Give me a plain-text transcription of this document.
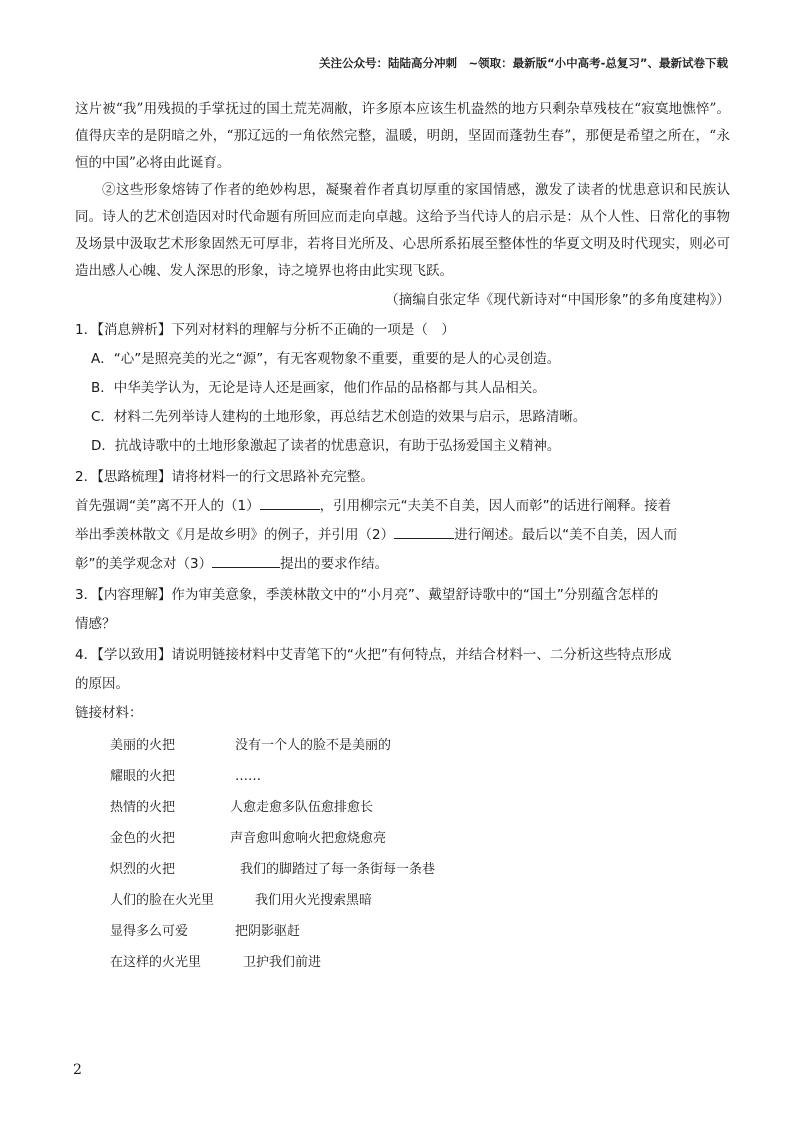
关注公众号：陆陆高分冲刺　~领取：最新版“小中高考-总复习”、最新试卷下载

这片被“我”用残损的手掌抚过的国土荒芜凋敝，许多原本应该生机盎然的地方只剩杂草残枝在“寂寞地憔悴”。值得庆幸的是阴暗之外，“那辽远的一角依然完整，温暖，明朗，坚固而蓬勃生春”，那便是希望之所在，“永恒的中国”必将由此诞育。

②这些形象熔铸了作者的绝妙构思，凝聚着作者真切厚重的家国情感，激发了读者的忧患意识和民族认同。诗人的艺术创造因对时代命题有所回应而走向卓越。这给予当代诗人的启示是：从个人性、日常化的事物及场景中汲取艺术形象固然无可厚非，若将目光所及、心思所系拓展至整体性的华夏文明及时代现实，则必可造出感人心魄、发人深思的形象，诗之境界也将由此实现飞跃。

（摘编自张定华《现代新诗对“中国形象”的多角度建构》）

1．【消息辨析】下列对材料的理解与分析不正确的一项是（　）

A．“心”是照亮美的光之“源”，有无客观物象不重要，重要的是人的心灵创造。

B．中华美学认为，无论是诗人还是画家，他们作品的品格都与其人品相关。

C．材料二先列举诗人建构的土地形象，再总结艺术创造的效果与启示，思路清晰。

D．抗战诗歌中的土地形象激起了读者的忧患意识，有助于弘扬爱国主义精神。

2．【思路梳理】请将材料一的行文思路补充完整。

首先强调“美”离不开人的（1）	，引用柳宗元“夫美不自美，因人而彰”的话进行阐释。接着

举出季羡林散文《月是故乡明》的例子，并引用（2）	进行阐述。最后以“美不自美，因人而

彰”的美学观念对（3）	提出的要求作结。

3．【内容理解】作为审美意象，季羡林散文中的“小月亮”、戴望舒诗歌中的“国土”分别蕴含怎样的

情感？

4．【学以致用】请说明链接材料中艾青笔下的“火把”有何特点，并结合材料一、二分析这些特点形成

的原因。

链接材料：

美丽的火把	没有一个人的脸不是美丽的
耀眼的火把	……
热情的火把	人愈走愈多队伍愈排愈长
金色的火把	声音愈叫愈响火把愈烧愈亮
炽烈的火把	我们的脚踏过了每一条街每一条巷
人们的脸在火光里	我们用火光搜索黑暗
显得多么可爱	把阴影驱赶
在这样的火光里	卫护我们前进
2
